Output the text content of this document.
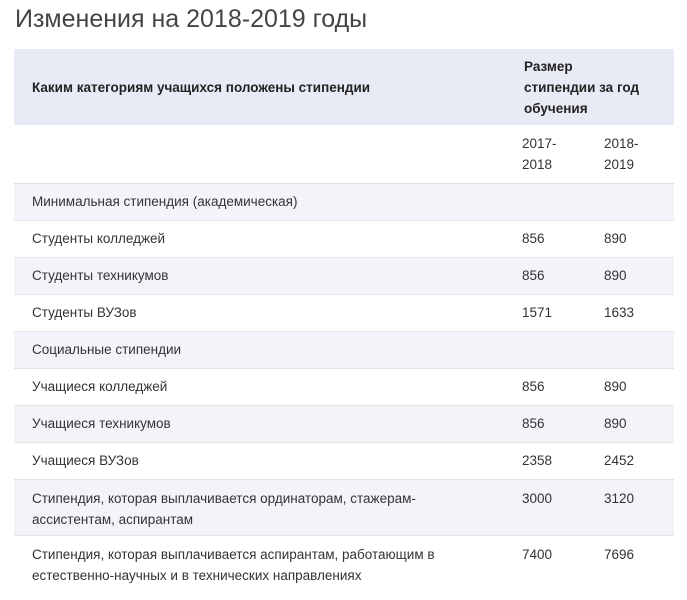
Изменения на 2018-2019 годы
Каким категориям учащихся положены стипендии	Размер стипендии за год обучения	

	2017-2018	2018-2019

Минимальная стипендия (академическая)		
Студенты колледжей	856	890
Студенты техникумов	856	890
Студенты ВУЗов	1571	1633
Социальные стипендии		
Учащиеся колледжей	856	890
Учащиеся техникумов	856	890
Учащиеся ВУЗов	2358	2452

Стипендия, которая выплачивается ординаторам, стажерам-ассистентам, аспирантам	3000	3120

Стипендия, которая выплачивается аспирантам, работающим в естественно-научных и в технических направлениях	7400	7696
